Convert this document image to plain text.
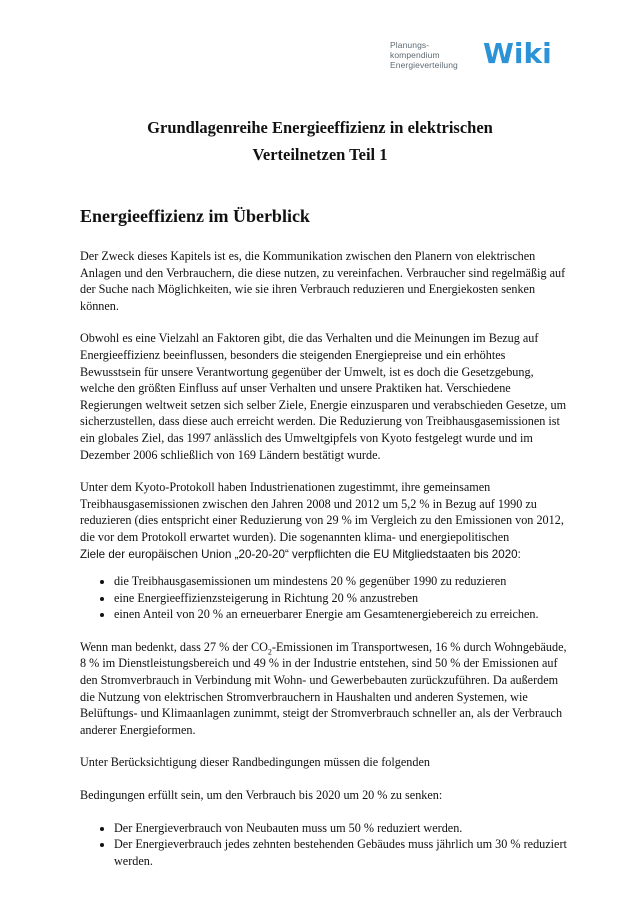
Planungs-
kompendium
Energieverteilung Wiki
Grundlagenreihe Energieeffizienz in elektrischen
Verteilnetzen Teil 1
Energieeffizienz im Überblick

Der Zweck dieses Kapitels ist es, die Kommunikation zwischen den Planern von elektrischen Anlagen und den Verbrauchern, die diese nutzen, zu vereinfachen. Verbraucher sind regelmäßig auf der Suche nach Möglichkeiten, wie sie ihren Verbrauch reduzieren und Energiekosten senken können.

Obwohl es eine Vielzahl an Faktoren gibt, die das Verhalten und die Meinungen im Bezug auf Energieeffizienz beeinflussen, besonders die steigenden Energiepreise und ein erhöhtes Bewusstsein für unsere Verantwortung gegenüber der Umwelt, ist es doch die Gesetzgebung, welche den größten Einfluss auf unser Verhalten und unsere Praktiken hat. Verschiedene Regierungen weltweit setzen sich selber Ziele, Energie einzusparen und verabschieden Gesetze, um sicherzustellen, dass diese auch erreicht werden. Die Reduzierung von Treibhausgasemissionen ist ein globales Ziel, das 1997 anlässlich des Umweltgipfels von Kyoto festgelegt wurde und im Dezember 2006 schließlich von 169 Ländern bestätigt wurde.

Unter dem Kyoto-Protokoll haben Industrienationen zugestimmt, ihre gemeinsamen Treibhausgasemissionen zwischen den Jahren 2008 und 2012 um 5,2 % in Bezug auf 1990 zu reduzieren (dies entspricht einer Reduzierung von 29 % im Vergleich zu den Emissionen von 2012, die vor dem Protokoll erwartet wurden). Die sogenannten klima- und energiepolitischen
Ziele der europäischen Union „20-20-20“ verpflichten die EU Mitgliedstaaten bis 2020:

• die Treibhausgasemissionen um mindestens 20 % gegenüber 1990 zu reduzieren
• eine Energieeffizienzsteigerung in Richtung 20 % anzustreben
• einen Anteil von 20 % an erneuerbarer Energie am Gesamtenergiebereich zu erreichen.

Wenn man bedenkt, dass 27 % der $CO_2$-Emissionen im Transportwesen, 16 % durch Wohngebäude, 8 % im Dienstleistungsbereich und 49 % in der Industrie entstehen, sind 50 % der Emissionen auf den Stromverbrauch in Verbindung mit Wohn- und Gewerbebauten zurückzuführen. Da außerdem die Nutzung von elektrischen Stromverbrauchern in Haushalten und anderen Systemen, wie Belüftungs- und Klimaanlagen zunimmt, steigt der Stromverbrauch schneller an, als der Verbrauch anderer Energieformen.

Unter Berücksichtigung dieser Randbedingungen müssen die folgenden

Bedingungen erfüllt sein, um den Verbrauch bis 2020 um 20 % zu senken:

• Der Energieverbrauch von Neubauten muss um 50 % reduziert werden.
• Der Energieverbrauch jedes zehnten bestehenden Gebäudes muss jährlich um 30 % reduziert werden.
